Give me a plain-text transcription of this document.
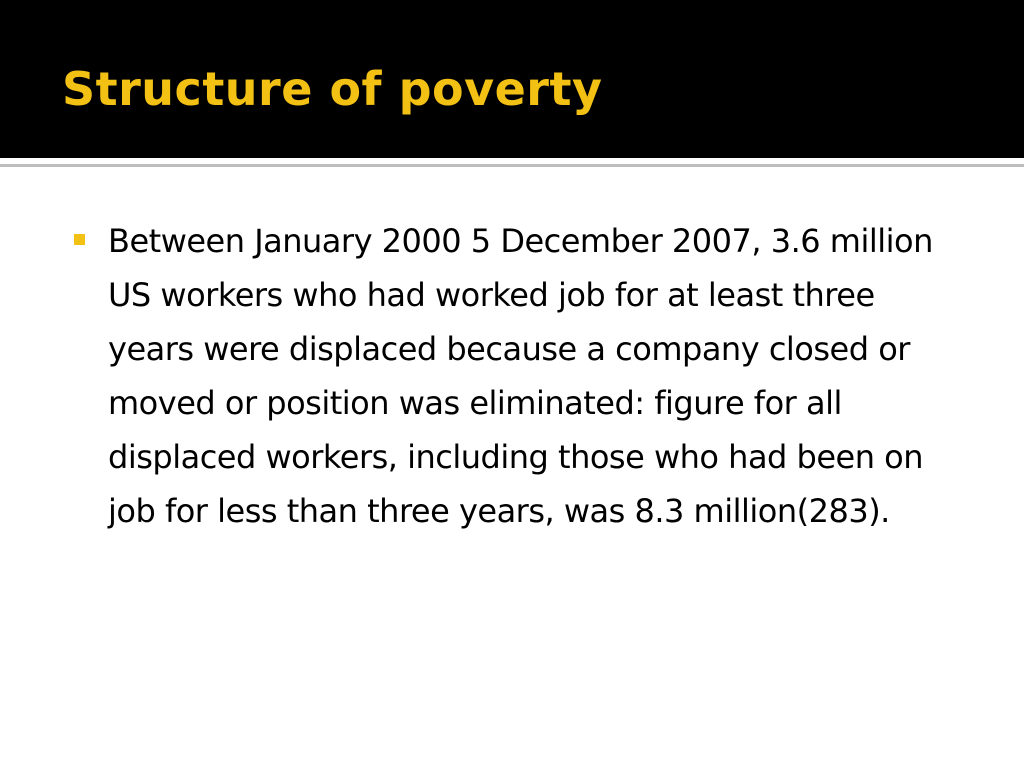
Structure of poverty

Between January 2000 5 December 2007, 3.6 million US workers who had worked job for at least three years were displaced because a company closed or moved or position was eliminated: figure for all displaced workers, including those who had been on job for less than three years, was 8.3 million(283).
